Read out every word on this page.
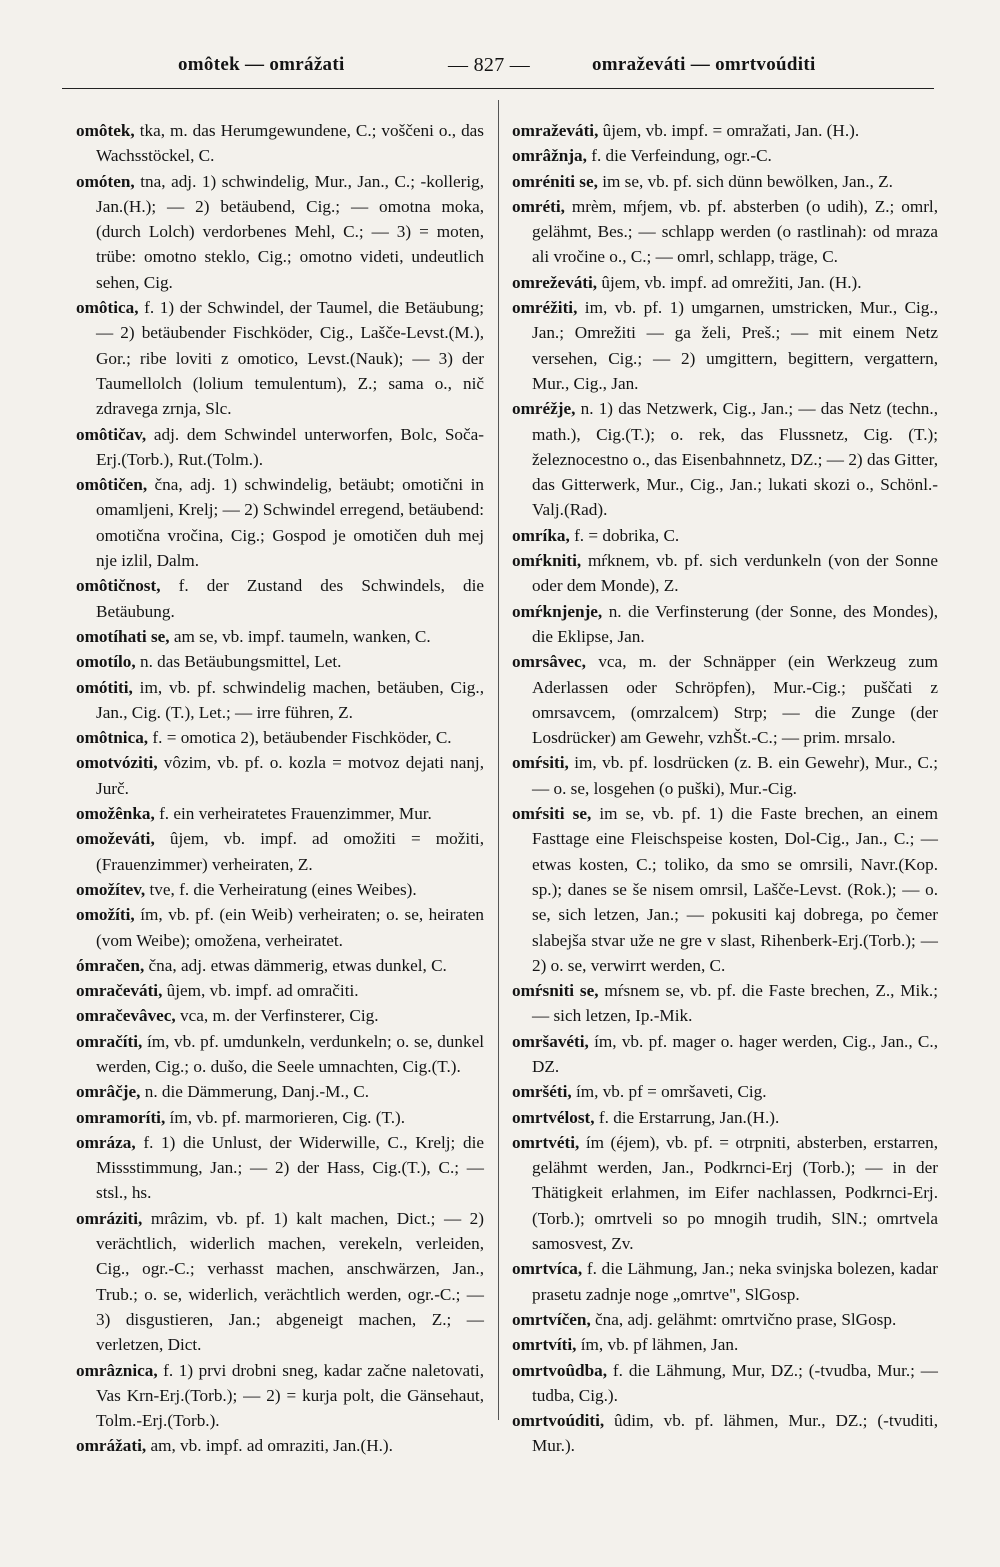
omôtek — omrážati	— 827 —	omraževáti — omrtvoúditi
omôtek, tka, m. das Herumgewundene, C.; voščeni o., das Wachsstöckel, C.
omóten, tna, adj. 1) schwindelig, Mur., Jan., C.; -kollerig, Jan.(H.); — 2) betäubend, Cig.; — omotna moka, (durch Lolch) verdorbenes Mehl, C.; — 3) = moten, trübe: omotno steklo, Cig.; omotno videti, undeutlich sehen, Cig.
omôtica, f. 1) der Schwindel, der Taumel, die Betäubung; — 2) betäubender Fischköder, Cig., Lašče-Levst.(M.), Gor.; ribe loviti z omotico, Levst.(Nauk); — 3) der Taumellolch (lolium temulentum), Z.; sama o., nič zdravega zrnja, Slc.
omôtičav, adj. dem Schwindel unterworfen, Bolc, Soča-Erj.(Torb.), Rut.(Tolm.).
omôtičen, čna, adj. 1) schwindelig, betäubt; omotični in omamljeni, Krelj; — 2) Schwindel erregend, betäubend: omotična vročina, Cig.; Gospod je omotičen duh mej nje izlil, Dalm.
omôtičnost, f. der Zustand des Schwindels, die Betäubung.
omotíhati se, am se, vb. impf. taumeln, wanken, C.
omotílo, n. das Betäubungsmittel, Let.
omótiti, im, vb. pf. schwindelig machen, betäuben, Cig., Jan., Cig. (T.), Let.; — irre führen, Z.
omôtnica, f. = omotica 2), betäubender Fischköder, C.
omotvóziti, vôzim, vb. pf. o. kozla = motvoz dejati nanj, Jurč.
omožênka, f. ein verheiratetes Frauenzimmer, Mur.
omoževáti, ûjem, vb. impf. ad omožiti = možiti, (Frauenzimmer) verheiraten, Z.
omožítev, tve, f. die Verheiratung (eines Weibes).
omožíti, ím, vb. pf. (ein Weib) verheiraten; o. se, heiraten (vom Weibe); omožena, verheiratet.
ómračen, čna, adj. etwas dämmerig, etwas dunkel, C.
omračeváti, ûjem, vb. impf. ad omračiti.
omračevâvec, vca, m. der Verfinsterer, Cig.
omračíti, ím, vb. pf. umdunkeln, verdunkeln; o. se, dunkel werden, Cig.; o. dušo, die Seele umnachten, Cig.(T.).
omrâčje, n. die Dämmerung, Danj.-M., C.
omramoríti, ím, vb. pf. marmorieren, Cig. (T.).
omráza, f. 1) die Unlust, der Widerwille, C., Krelj; die Missstimmung, Jan.; — 2) der Hass, Cig.(T.), C.; — stsl., hs.
omráziti, mrâzim, vb. pf. 1) kalt machen, Dict.; — 2) verächtlich, widerlich machen, verekeln, verleiden, Cig., ogr.-C.; verhasst machen, anschwärzen, Jan., Trub.; o. se, widerlich, verächtlich werden, ogr.-C.; — 3) disgustieren, Jan.; abgeneigt machen, Z.; — verletzen, Dict.
omrâznica, f. 1) prvi drobni sneg, kadar začne naletovati, Vas Krn-Erj.(Torb.); — 2) = kurja polt, die Gänsehaut, Tolm.-Erj.(Torb.).
omrážati, am, vb. impf. ad omraziti, Jan.(H.).
omraževáti, ûjem, vb. impf. = omražati, Jan. (H.).
omrâžnja, f. die Verfeindung, ogr.-C.
omréniti se, im se, vb. pf. sich dünn bewölken, Jan., Z.
omréti, mrèm, mŕjem, vb. pf. absterben (o udih), Z.; omrl, gelähmt, Bes.; — schlapp werden (o rastlinah): od mraza ali vročine o., C.; — omrl, schlapp, träge, C.
omreževáti, ûjem, vb. impf. ad omrežiti, Jan. (H.).
omréžiti, im, vb. pf. 1) umgarnen, umstricken, Mur., Cig., Jan.; Omrežiti — ga želi, Preš.; — mit einem Netz versehen, Cig.; — 2) umgittern, begittern, vergattern, Mur., Cig., Jan.
omréžje, n. 1) das Netzwerk, Cig., Jan.; — das Netz (techn., math.), Cig.(T.); o. rek, das Flussnetz, Cig. (T.); železnocestno o., das Eisenbahnnetz, DZ.; — 2) das Gitter, das Gitterwerk, Mur., Cig., Jan.; lukati skozi o., Schönl.-Valj.(Rad).
omríka, f. = dobrika, C.
omŕkniti, mŕknem, vb. pf. sich verdunkeln (von der Sonne oder dem Monde), Z.
omŕknjenje, n. die Verfinsterung (der Sonne, des Mondes), die Eklipse, Jan.
omrsâvec, vca, m. der Schnäpper (ein Werkzeug zum Aderlassen oder Schröpfen), Mur.-Cig.; puščati z omrsavcem, (omrzalcem) Strp; — die Zunge (der Losdrücker) am Gewehr, vzhŠt.-C.; — prim. mrsalo.
omŕsiti, im, vb. pf. losdrücken (z. B. ein Gewehr), Mur., C.; — o. se, losgehen (o puški), Mur.-Cig.
omŕsiti se, im se, vb. pf. 1) die Faste brechen, an einem Fasttage eine Fleischspeise kosten, Dol-Cig., Jan., C.; — etwas kosten, C.; toliko, da smo se omrsili, Navr.(Kop. sp.); danes se še nisem omrsil, Lašče-Levst. (Rok.); — o. se, sich letzen, Jan.; — pokusiti kaj dobrega, po čemer slabejša stvar uže ne gre v slast, Rihenberk-Erj.(Torb.); — 2) o. se, verwirrt werden, C.
omŕsniti se, mŕsnem se, vb. pf. die Faste brechen, Z., Mik.; — sich letzen, Ip.-Mik.
omršavéti, ím, vb. pf. mager o. hager werden, Cig., Jan., C., DZ.
omršéti, ím, vb. pf = omršaveti, Cig.
omrtvélost, f. die Erstarrung, Jan.(H.).
omrtvéti, ím (éjem), vb. pf. = otrpniti, absterben, erstarren, gelähmt werden, Jan., Podkrnci-Erj (Torb.); — in der Thätigkeit erlahmen, im Eifer nachlassen, Podkrnci-Erj.(Torb.); omrtveli so po mnogih trudih, SlN.; omrtvela samosvest, Zv.
omrtvíca, f. die Lähmung, Jan.; neka svinjska bolezen, kadar prasetu zadnje noge „omrtve", SlGosp.
omrtvíčen, čna, adj. gelähmt: omrtvično prase, SlGosp.
omrtvíti, ím, vb. pf lähmen, Jan.
omrtvoûdba, f. die Lähmung, Mur, DZ.; (-tvudba, Mur.; — tudba, Cig.).
omrtvoúditi, ûdim, vb. pf. lähmen, Mur., DZ.; (-tvuditi, Mur.).
